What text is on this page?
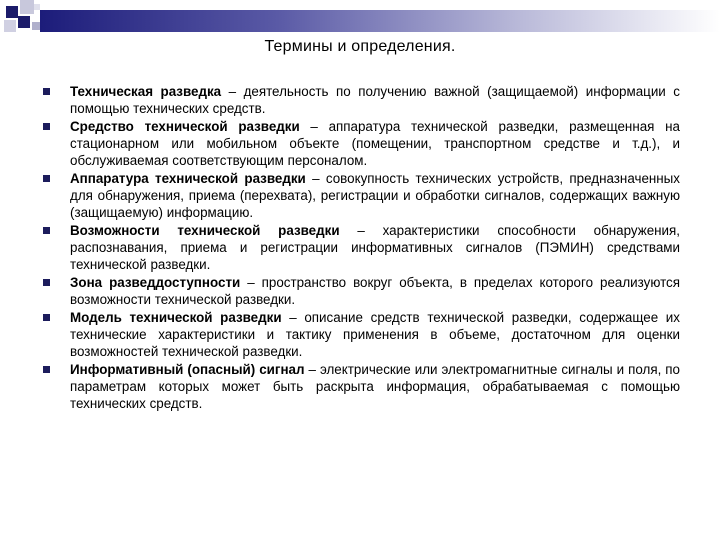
Термины и определения.
Техническая разведка – деятельность по получению важной (защищаемой) информации с помощью технических средств.
Средство технической разведки – аппаратура технической разведки, размещенная на стационарном или мобильном объекте (помещении, транспортном средстве и т.д.), и обслуживаемая соответствующим персоналом.
Аппаратура технической разведки – совокупность технических устройств, предназначенных для обнаружения, приема (перехвата), регистрации и обработки сигналов, содержащих важную (защищаемую) информацию.
Возможности технической разведки – характеристики способности обнаружения, распознавания, приема и регистрации информативных сигналов (ПЭМИН) средствами технической разведки.
Зона разведдоступности – пространство вокруг объекта, в пределах которого реализуются возможности технической разведки.
Модель технической разведки – описание средств технической разведки, содержащее их технические характеристики и тактику применения в объеме, достаточном для оценки возможностей технической разведки.
Информативный (опасный) сигнал – электрические или электромагнитные сигналы и поля, по параметрам которых может быть раскрыта информация, обрабатываемая с помощью технических средств.
